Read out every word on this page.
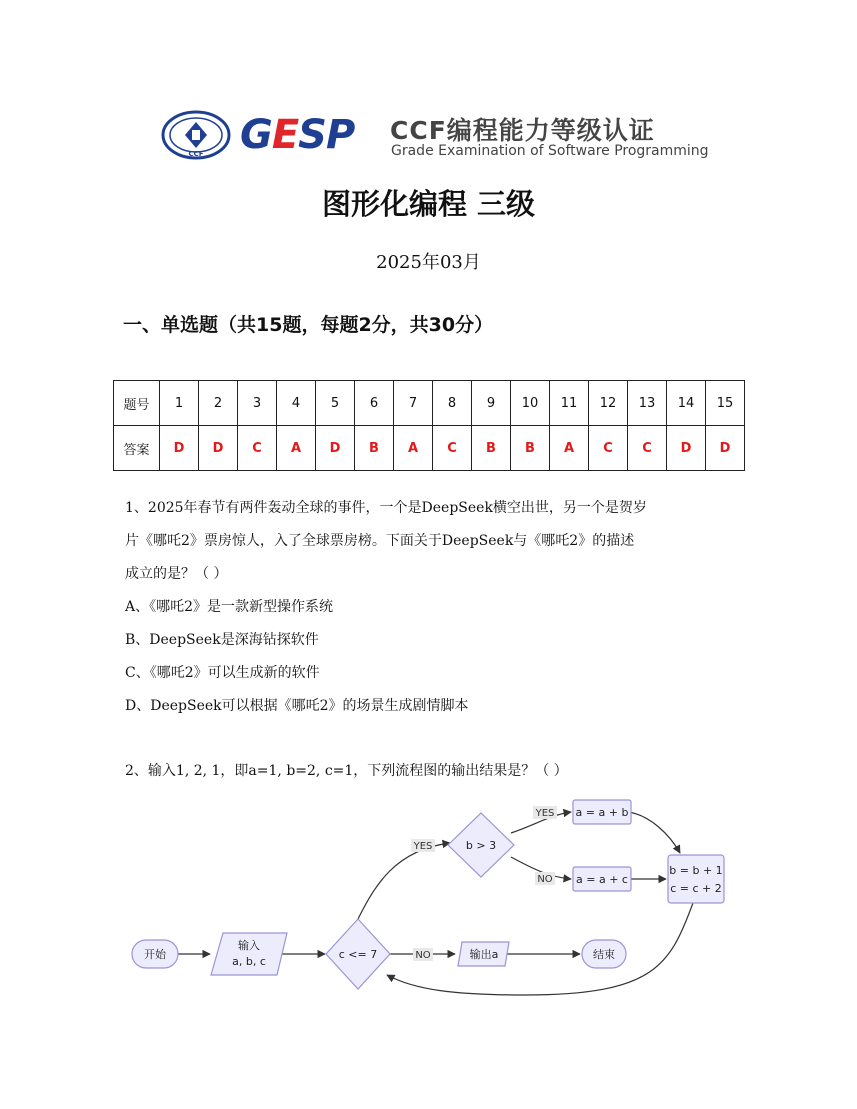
CCF GESP CCF编程能力等级认证
Grade Examination of Software Programming
图形化编程 三级
2025年03月
一、单选题（共15题，每题2分，共30分）
题号	1	2	3	4	5	6	7	8	9	10	11	12	13	14	15
答案	D	D	C	A	D	B	A	C	B	B	A	C	C	D	D
1、2025年春节有两件轰动全球的事件，一个是DeepSeek横空出世，另一个是贺岁
片《哪吒2》票房惊人，入了全球票房榜。下面关于DeepSeek与《哪吒2》的描述
成立的是？（ ）
A、《哪吒2》是一款新型操作系统
B、DeepSeek是深海钻探软件
C、《哪吒2》可以生成新的软件
D、DeepSeek可以根据《哪吒2》的场景生成剧情脚本
2、输入1, 2, 1，即a=1, b=2, c=1，下列流程图的输出结果是？（ ）
YES
YES
NO
NO
开始
输入
a, b, c
c <= 7
b > 3
a = a + b
a = a + c
b = b + 1
c = c + 2
输出a	结束
